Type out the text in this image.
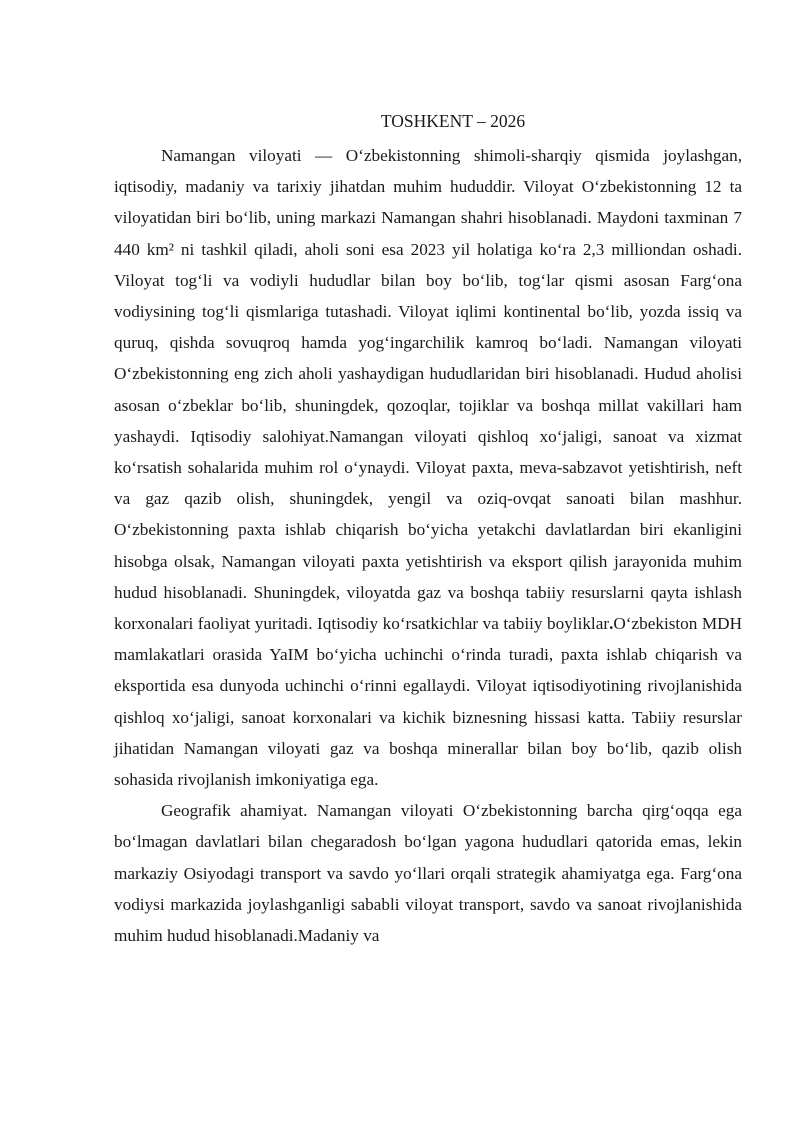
TOSHKENT – 2026

Namangan viloyati — O‘zbekistonning shimoli-sharqiy qismida joylashgan, iqtisodiy, madaniy va tarixiy jihatdan muhim hududdir. Viloyat O‘zbekistonning 12 ta viloyatidan biri bo‘lib, uning markazi Namangan shahri hisoblanadi. Maydoni taxminan 7 440 km² ni tashkil qiladi, aholi soni esa 2023 yil holatiga ko‘ra 2,3 milliondan oshadi. Viloyat tog‘li va vodiyli hududlar bilan boy bo‘lib, tog‘lar qismi asosan Farg‘ona vodiysining tog‘li qismlariga tutashadi. Viloyat iqlimi kontinental bo‘lib, yozda issiq va quruq, qishda sovuqroq hamda yog‘ingarchilik kamroq bo‘ladi. Namangan viloyati O‘zbekistonning eng zich aholi yashaydigan hududlaridan biri hisoblanadi. Hudud aholisi asosan o‘zbeklar bo‘lib, shuningdek, qozoqlar, tojiklar va boshqa millat vakillari ham yashaydi. Iqtisodiy salohiyat.Namangan viloyati qishloq xo‘jaligi, sanoat va xizmat ko‘rsatish sohalarida muhim rol o‘ynaydi. Viloyat paxta, meva-sabzavot yetishtirish, neft va gaz qazib olish, shuningdek, yengil va oziq-ovqat sanoati bilan mashhur. O‘zbekistonning paxta ishlab chiqarish bo‘yicha yetakchi davlatlardan biri ekanligini hisobga olsak, Namangan viloyati paxta yetishtirish va eksport qilish jarayonida muhim hudud hisoblanadi. Shuningdek, viloyatda gaz va boshqa tabiiy resurslarni qayta ishlash korxonalari faoliyat yuritadi. Iqtisodiy ko‘rsatkichlar va tabiiy boyliklar.O‘zbekiston MDH mamlakatlari orasida YaIM bo‘yicha uchinchi o‘rinda turadi, paxta ishlab chiqarish va eksportida esa dunyoda uchinchi o‘rinni egallaydi. Viloyat iqtisodiyotining rivojlanishida qishloq xo‘jaligi, sanoat korxonalari va kichik biznesning hissasi katta. Tabiiy resurslar jihatidan Namangan viloyati gaz va boshqa minerallar bilan boy bo‘lib, qazib olish sohasida rivojlanish imkoniyatiga ega.

Geografik ahamiyat. Namangan viloyati O‘zbekistonning barcha qirg‘oqqa ega bo‘lmagan davlatlari bilan chegaradosh bo‘lgan yagona hududlari qatorida emas, lekin markaziy Osiyodagi transport va savdo yo‘llari orqali strategik ahamiyatga ega. Farg‘ona vodiysi markazida joylashganligi sababli viloyat transport, savdo va sanoat rivojlanishida muhim hudud hisoblanadi.Madaniy va
